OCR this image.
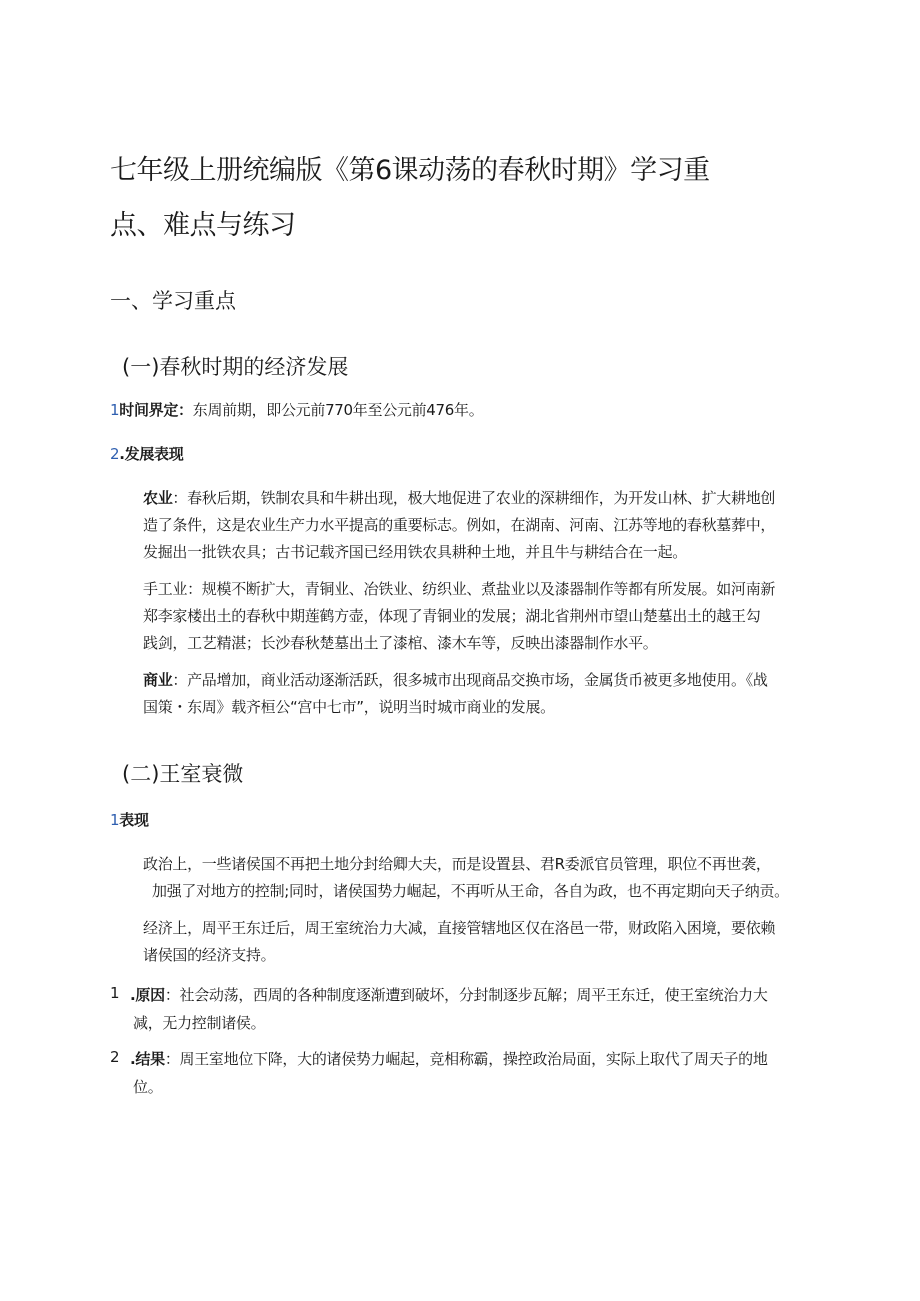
七年级上册统编版《第6课动荡的春秋时期》学习重
点、难点与练习
一、学习重点
(一)春秋时期的经济发展
1时间界定：东周前期，即公元前770年至公元前476年。
2.发展表现
农业：春秋后期，铁制农具和牛耕出现，极大地促进了农业的深耕细作，为开发山林、扩大耕地创
造了条件，这是农业生产力水平提高的重要标志。例如，在湖南、河南、江苏等地的春秋墓葬中，
发掘出一批铁农具；古书记载齐国已经用铁农具耕种土地，并且牛与耕结合在一起。
手工业：规模不断扩大，青铜业、冶铁业、纺织业、煮盐业以及漆器制作等都有所发展。如河南新
郑李家楼出土的春秋中期莲鹤方壶，体现了青铜业的发展；湖北省荆州市望山楚墓出土的越王勾
践剑，工艺精湛；长沙春秋楚墓出土了漆棺、漆木车等，反映出漆器制作水平。
商业：产品增加，商业活动逐渐活跃，很多城市出现商品交换市场，金属货币被更多地使用。《战
国策・东周》载齐桓公“宫中七市”，说明当时城市商业的发展。
(二)王室衰微
1表现
政治上，一些诸侯国不再把土地分封给卿大夫，而是设置县、君R委派官员管理，职位不再世袭，
加强了对地方的控制;同时，诸侯国势力崛起，不再听从王命，各自为政，也不再定期向天子纳贡。
经济上，周平王东迁后，周王室统治力大减，直接管辖地区仅在洛邑一带，财政陷入困境，要依赖
诸侯国的经济支持。
1 .原因：社会动荡，西周的各种制度逐渐遭到破坏，分封制逐步瓦解；周平王东迁，使王室统治力大
减，无力控制诸侯。
2 .结果：周王室地位下降，大的诸侯势力崛起，竞相称霸，操控政治局面，实际上取代了周天子的地
位。
